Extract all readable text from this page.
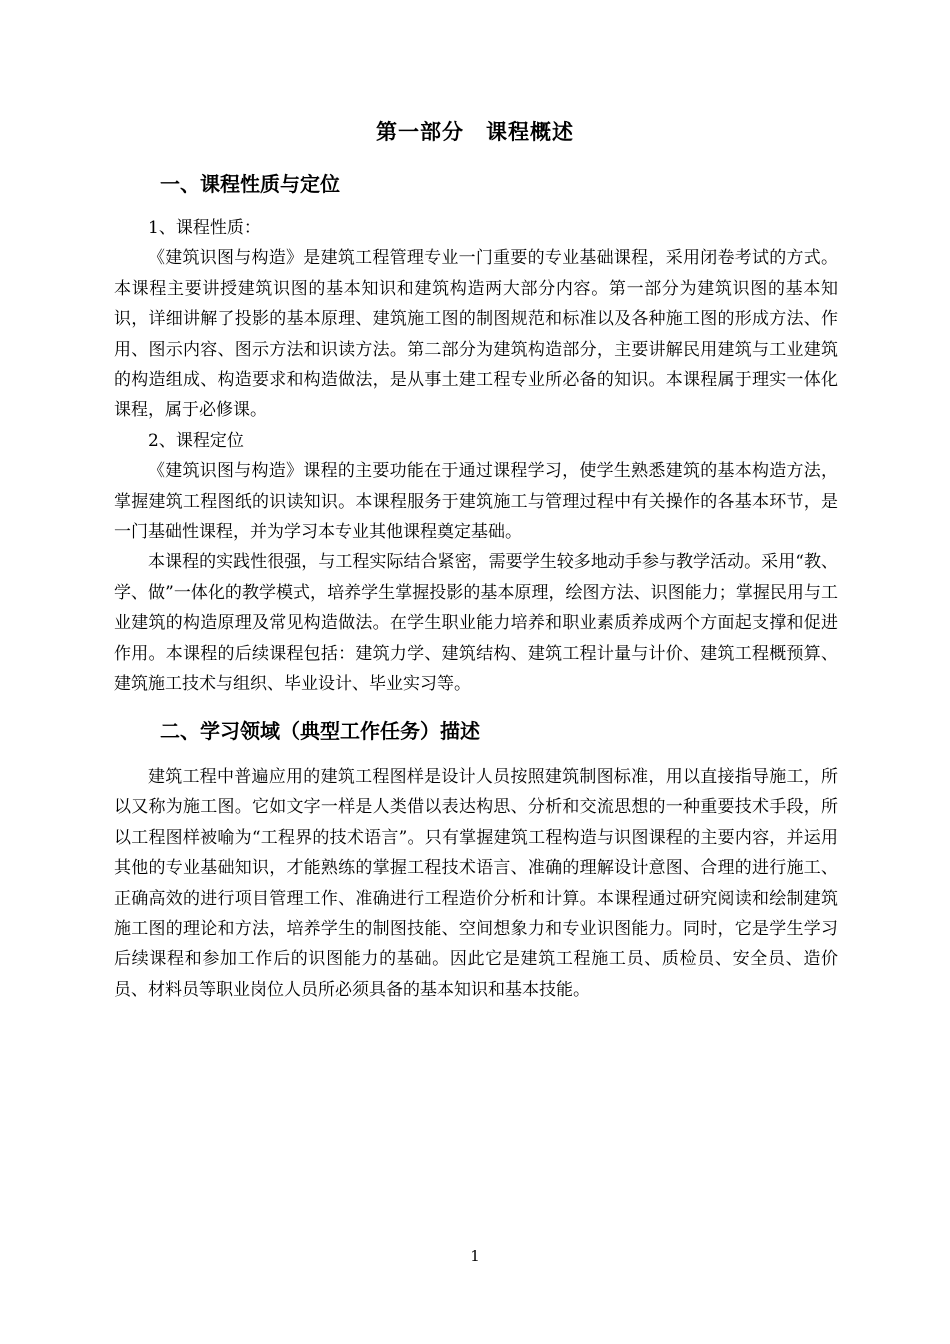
第一部分　课程概述
一、课程性质与定位

1、课程性质：

《建筑识图与构造》是建筑工程管理专业一门重要的专业基础课程，采用闭卷考试的方式。本课程主要讲授建筑识图的基本知识和建筑构造两大部分内容。第一部分为建筑识图的基本知识，详细讲解了投影的基本原理、建筑施工图的制图规范和标准以及各种施工图的形成方法、作用、图示内容、图示方法和识读方法。第二部分为建筑构造部分，主要讲解民用建筑与工业建筑的构造组成、构造要求和构造做法，是从事土建工程专业所必备的知识。本课程属于理实一体化课程，属于必修课。

2、课程定位

《建筑识图与构造》课程的主要功能在于通过课程学习，使学生熟悉建筑的基本构造方法，掌握建筑工程图纸的识读知识。本课程服务于建筑施工与管理过程中有关操作的各基本环节，是一门基础性课程，并为学习本专业其他课程奠定基础。

本课程的实践性很强，与工程实际结合紧密，需要学生较多地动手参与教学活动。采用“教、学、做”一体化的教学模式，培养学生掌握投影的基本原理，绘图方法、识图能力；掌握民用与工业建筑的构造原理及常见构造做法。在学生职业能力培养和职业素质养成两个方面起支撑和促进作用。本课程的后续课程包括：建筑力学、建筑结构、建筑工程计量与计价、建筑工程概预算、建筑施工技术与组织、毕业设计、毕业实习等。

二、学习领域（典型工作任务）描述

建筑工程中普遍应用的建筑工程图样是设计人员按照建筑制图标准，用以直接指导施工，所以又称为施工图。它如文字一样是人类借以表达构思、分析和交流思想的一种重要技术手段，所以工程图样被喻为“工程界的技术语言”。只有掌握建筑工程构造与识图课程的主要内容，并运用其他的专业基础知识，才能熟练的掌握工程技术语言、准确的理解设计意图、合理的进行施工、正确高效的进行项目管理工作、准确进行工程造价分析和计算。本课程通过研究阅读和绘制建筑施工图的理论和方法，培养学生的制图技能、空间想象力和专业识图能力。同时，它是学生学习后续课程和参加工作后的识图能力的基础。因此它是建筑工程施工员、质检员、安全员、造价员、材料员等职业岗位人员所必须具备的基本知识和基本技能。

1
